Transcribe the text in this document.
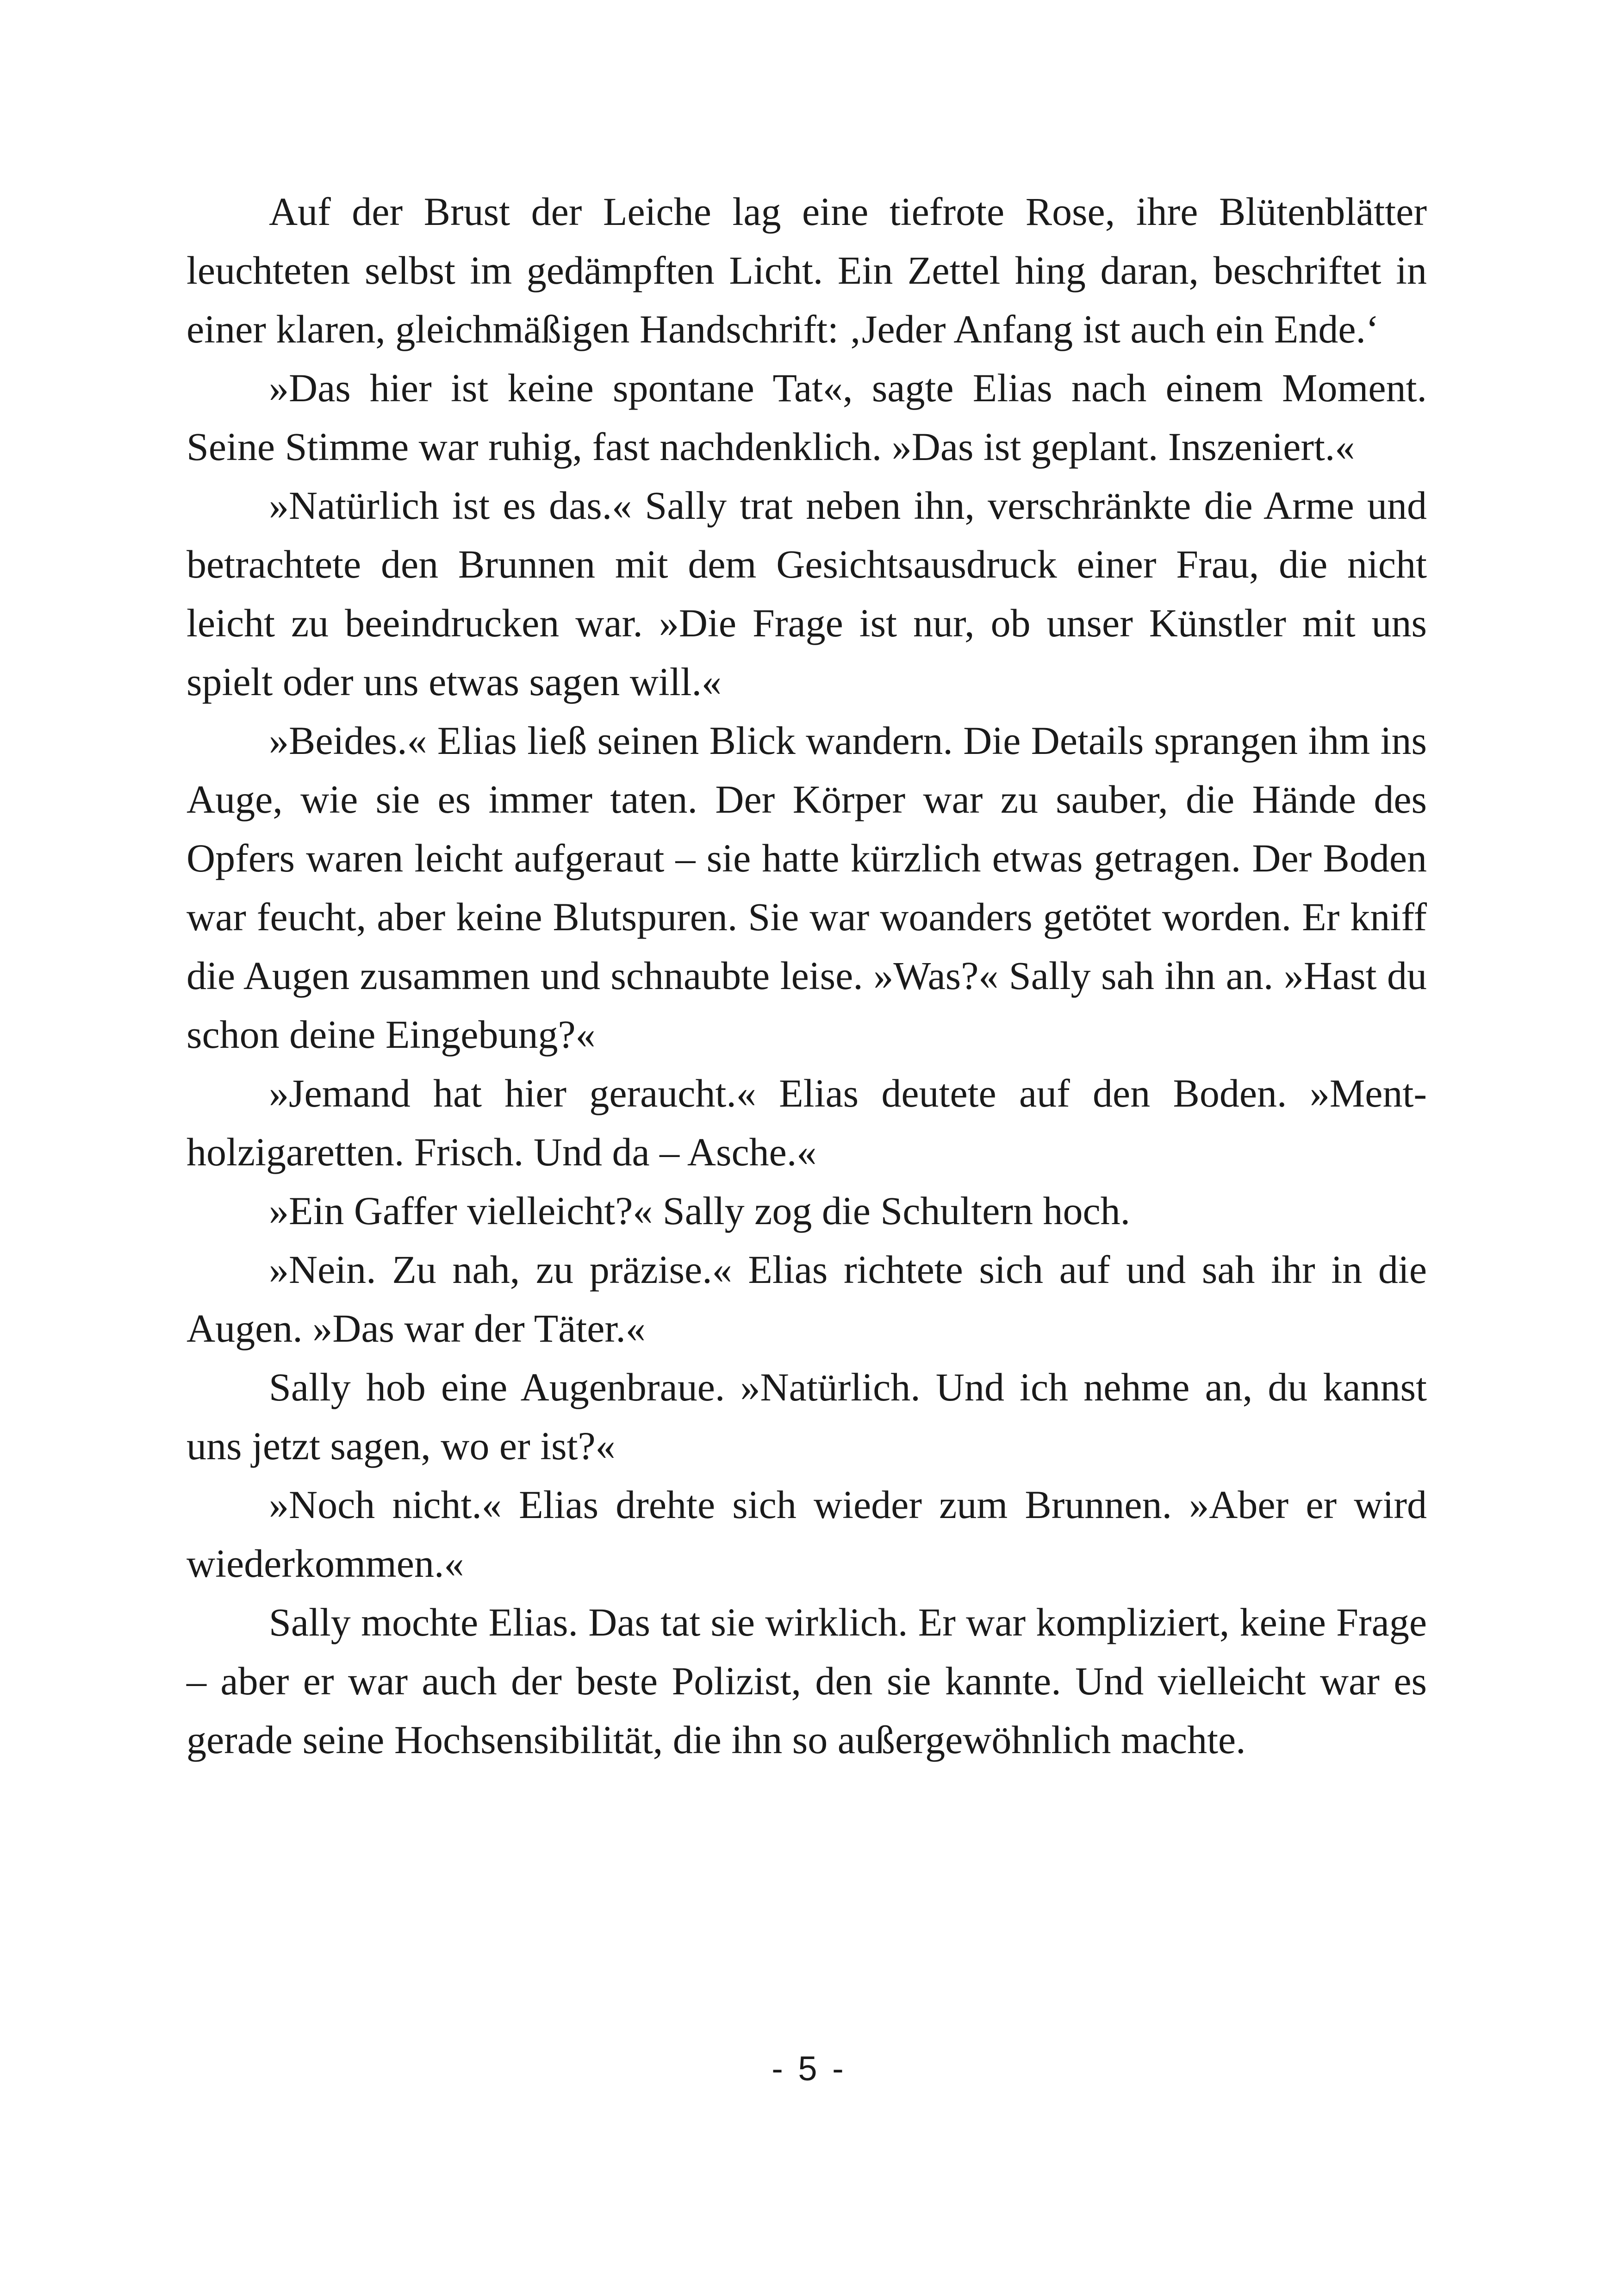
Auf der Brust der Leiche lag eine tiefrote Rose, ihre Blütenblätter leuchteten selbst im gedämpften Licht. Ein Zettel hing daran, beschriftet in einer klaren, gleichmäßigen Handschrift: ‚Jeder Anfang ist auch ein Ende.‘

»Das hier ist keine spontane Tat«, sagte Elias nach einem Moment. Seine Stimme war ruhig, fast nachdenklich. »Das ist geplant. Inszeniert.«

»Natürlich ist es das.« Sally trat neben ihn, verschränkte die Arme und betrachtete den Brunnen mit dem Gesichtsausdruck einer Frau, die nicht leicht zu beeindrucken war. »Die Frage ist nur, ob unser Künstler mit uns spielt oder uns etwas sagen will.«

»Beides.« Elias ließ seinen Blick wandern. Die Details sprangen ihm ins Auge, wie sie es immer taten. Der Körper war zu sauber, die Hände des Opfers waren leicht aufgeraut – sie hatte kürzlich etwas getragen. Der Boden war feucht, aber keine Blutspuren. Sie war woanders getötet worden. Er kniff die Augen zusammen und schnaubte leise. »Was?« Sally sah ihn an. »Hast du schon deine Eingebung?«

»Jemand hat hier geraucht.« Elias deutete auf den Boden. »Mentholzigaretten. Frisch. Und da – Asche.«

»Ein Gaffer vielleicht?« Sally zog die Schultern hoch.

»Nein. Zu nah, zu präzise.« Elias richtete sich auf und sah ihr in die Augen. »Das war der Täter.«

Sally hob eine Augenbraue. »Natürlich. Und ich nehme an, du kannst uns jetzt sagen, wo er ist?«

»Noch nicht.« Elias drehte sich wieder zum Brunnen. »Aber er wird wiederkommen.«

Sally mochte Elias. Das tat sie wirklich. Er war kompliziert, keine Frage – aber er war auch der beste Polizist, den sie kannte. Und vielleicht war es gerade seine Hochsensibilität, die ihn so außergewöhnlich machte.

- 5 -
